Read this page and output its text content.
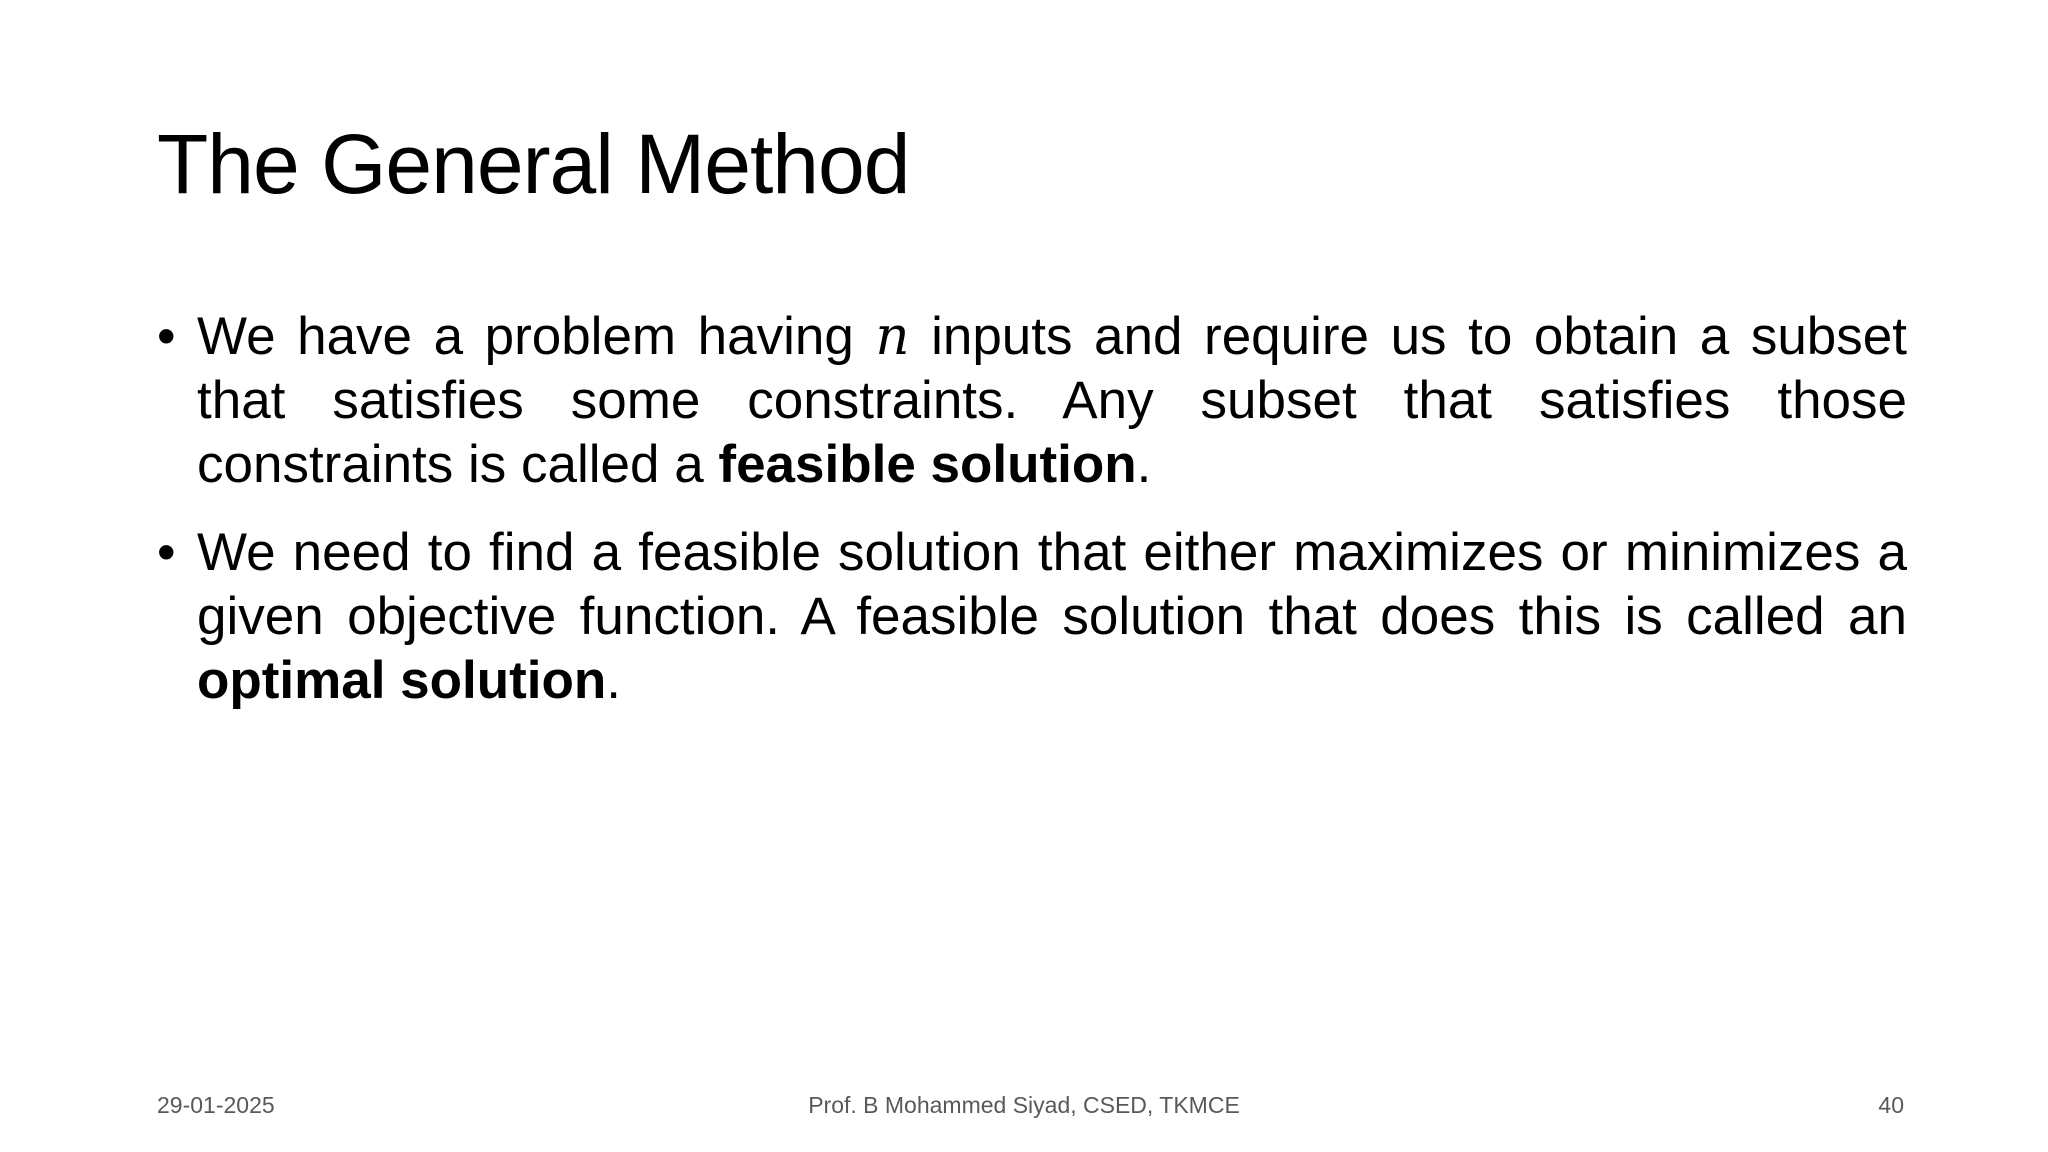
The General Method
• We have a problem having n inputs and require us to obtain a subset that satisfies some constraints. Any subset that satisfies those constraints is called a feasible solution.
• We need to find a feasible solution that either maximizes or minimizes a given objective function. A feasible solution that does this is called an optimal solution.
29-01-2025	Prof. B Mohammed Siyad, CSED, TKMCE	40
